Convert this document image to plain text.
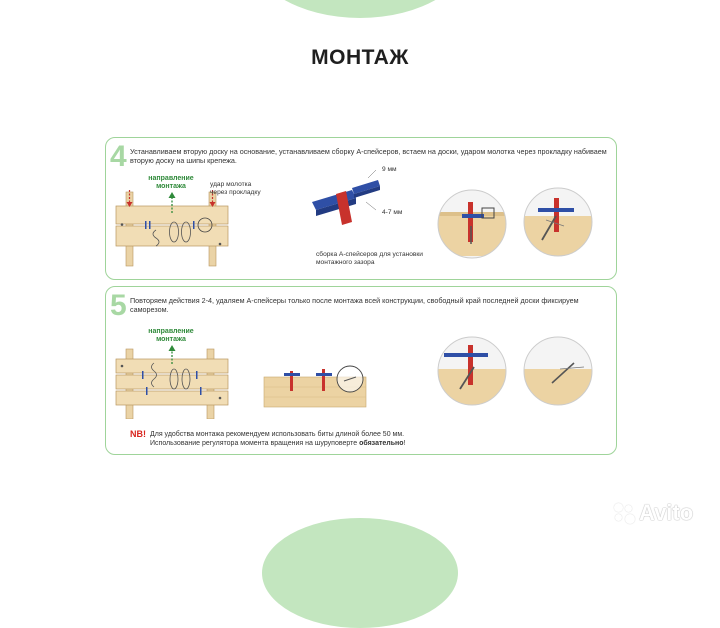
МОНТАЖ
4 Устанавливаем вторую доску на основание, устанавливаем сборку А-спейсеров, встаем на доски, ударом молотка через прокладку набиваем вторую доску на шипы крепежа.
направление монтажа	удар молотка через прокладку
9 мм
4-7 мм
сборка А-спейсеров для установки монтажного зазора
5 Повторяем действия 2-4, удаляем А-спейсеры только после монтажа всей конструкции, свободный край последней доски фиксируем саморезом.
направление монтажа
NB! Для удобства монтажа рекомендуем использовать биты длиной более 50 мм.
Использование регулятора момента вращения на шуруповерте обязательно!
Avito
